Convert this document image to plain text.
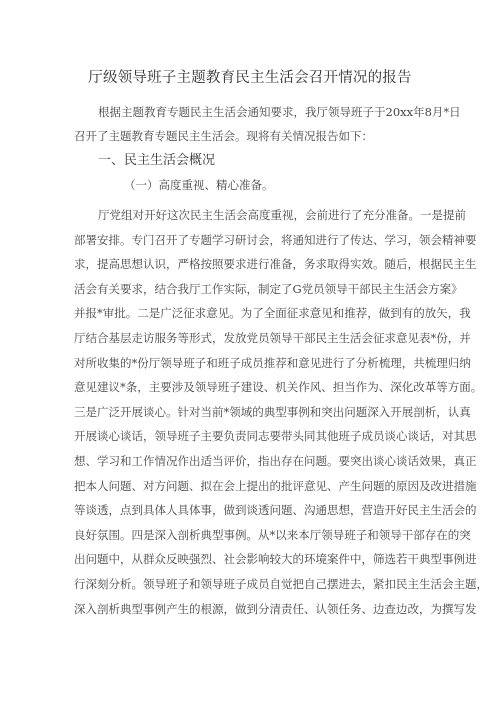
厅级领导班子主题教育民主生活会召开情况的报告
根据主题教育专题民主生活会通知要求，我厅领导班子于20xx年8月*日
召开了主题教育专题民主生活会。现将有关情况报告如下：
一、民主生活会概况
（一）高度重视、精心准备。
厅党组对开好这次民主生活会高度重视，会前进行了充分准备。一是提前
部署安排。专门召开了专题学习研讨会，将通知进行了传达、学习，领会精神要
求，提高思想认识，严格按照要求进行准备，务求取得实效。随后，根据民主生
活会有关要求，结合我厅工作实际，制定了G党员领导干部民主生活会方案》
并报*审批。二是广泛征求意见。为了全面征求意见和推荐，做到有的放矢，我
厅结合基层走访服务等形式，发放党员领导干部民主生活会征求意见表*份，并
对所收集的*份厅领导班子和班子成员推荐和意见进行了分析梳理，共梳理归纳
意见建议*条，主要涉及领导班子建设、机关作风、担当作为、深化改革等方面。
三是广泛开展谈心。针对当前*领域的典型事例和突出问题深入开展剖析，认真
开展谈心谈话，领导班子主要负责同志要带头同其他班子成员谈心谈话，对其思
想、学习和工作情况作出适当评价，指出存在问题。要突出谈心谈话效果，真正
把本人问题、对方问题、拟在会上提出的批评意见、产生问题的原因及改进措施
等谈透，点到具体人具体事，做到谈透问题、沟通思想，营造开好民主生活会的
良好氛围。四是深入剖析典型事例。从*以来本厅领导班子和领导干部存在的突
出问题中，从群众反映强烈、社会影响较大的环境案件中，筛选若干典型事例进
行深刻分析。领导班子和领导班子成员自觉把自己摆进去，紧扣民主生活会主题，
深入剖析典型事例产生的根源，做到分清责任、认领任务、边查边改，为撰写发
